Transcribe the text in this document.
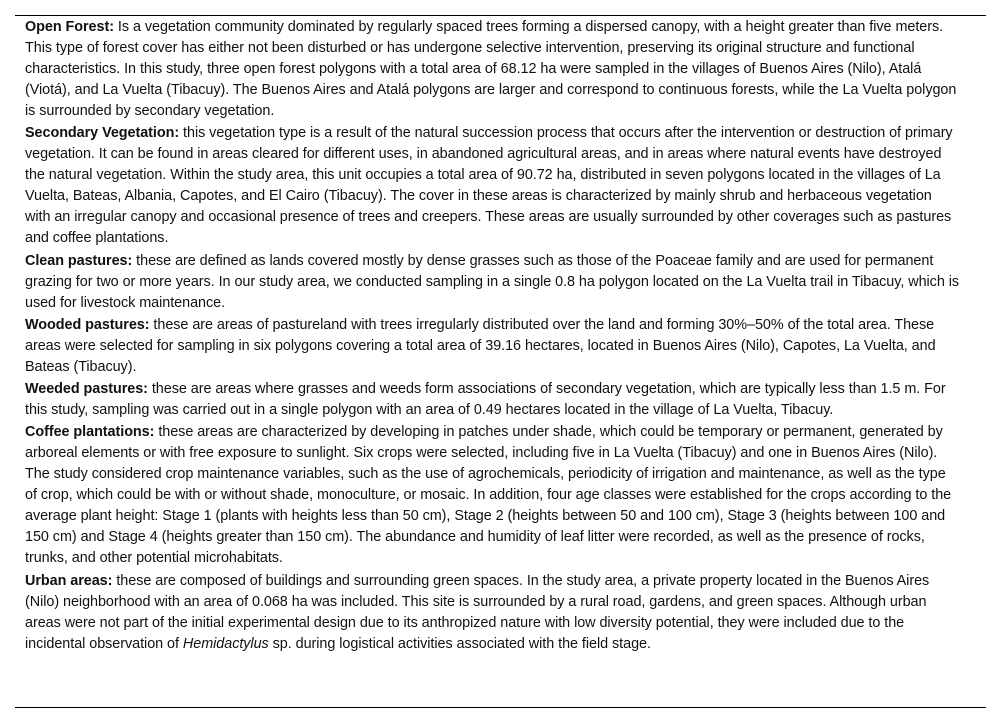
Open Forest: Is a vegetation community dominated by regularly spaced trees forming a dispersed canopy, with a height greater than five meters. This type of forest cover has either not been disturbed or has undergone selective intervention, preserving its original structure and functional characteristics. In this study, three open forest polygons with a total area of 68.12 ha were sampled in the villages of Buenos Aires (Nilo), Atalá (Viotá), and La Vuelta (Tibacuy). The Buenos Aires and Atalá polygons are larger and correspond to continuous forests, while the La Vuelta polygon is surrounded by secondary vegetation.

Secondary Vegetation: this vegetation type is a result of the natural succession process that occurs after the intervention or destruction of primary vegetation. It can be found in areas cleared for different uses, in abandoned agricultural areas, and in areas where natural events have destroyed the natural vegetation. Within the study area, this unit occupies a total area of 90.72 ha, distributed in seven polygons located in the villages of La Vuelta, Bateas, Albania, Capotes, and El Cairo (Tibacuy). The cover in these areas is characterized by mainly shrub and herbaceous vegetation with an irregular canopy and occasional presence of trees and creepers. These areas are usually surrounded by other coverages such as pastures and coffee plantations.

Clean pastures: these are defined as lands covered mostly by dense grasses such as those of the Poaceae family and are used for permanent grazing for two or more years. In our study area, we conducted sampling in a single 0.8 ha polygon located on the La Vuelta trail in Tibacuy, which is used for livestock maintenance.

Wooded pastures: these are areas of pastureland with trees irregularly distributed over the land and forming 30%–50% of the total area. These areas were selected for sampling in six polygons covering a total area of 39.16 hectares, located in Buenos Aires (Nilo), Capotes, La Vuelta, and Bateas (Tibacuy).

Weeded pastures: these are areas where grasses and weeds form associations of secondary vegetation, which are typically less than 1.5 m. For this study, sampling was carried out in a single polygon with an area of 0.49 hectares located in the village of La Vuelta, Tibacuy.

Coffee plantations: these areas are characterized by developing in patches under shade, which could be temporary or permanent, generated by arboreal elements or with free exposure to sunlight. Six crops were selected, including five in La Vuelta (Tibacuy) and one in Buenos Aires (Nilo). The study considered crop maintenance variables, such as the use of agrochemicals, periodicity of irrigation and maintenance, as well as the type of crop, which could be with or without shade, monoculture, or mosaic. In addition, four age classes were established for the crops according to the average plant height: Stage 1 (plants with heights less than 50 cm), Stage 2 (heights between 50 and 100 cm), Stage 3 (heights between 100 and 150 cm) and Stage 4 (heights greater than 150 cm). The abundance and humidity of leaf litter were recorded, as well as the presence of rocks, trunks, and other potential microhabitats.

Urban areas: these are composed of buildings and surrounding green spaces. In the study area, a private property located in the Buenos Aires (Nilo) neighborhood with an area of 0.068 ha was included. This site is surrounded by a rural road, gardens, and green spaces. Although urban areas were not part of the initial experimental design due to its anthropized nature with low diversity potential, they were included due to the incidental observation of Hemidactylus sp. during logistical activities associated with the field stage.
